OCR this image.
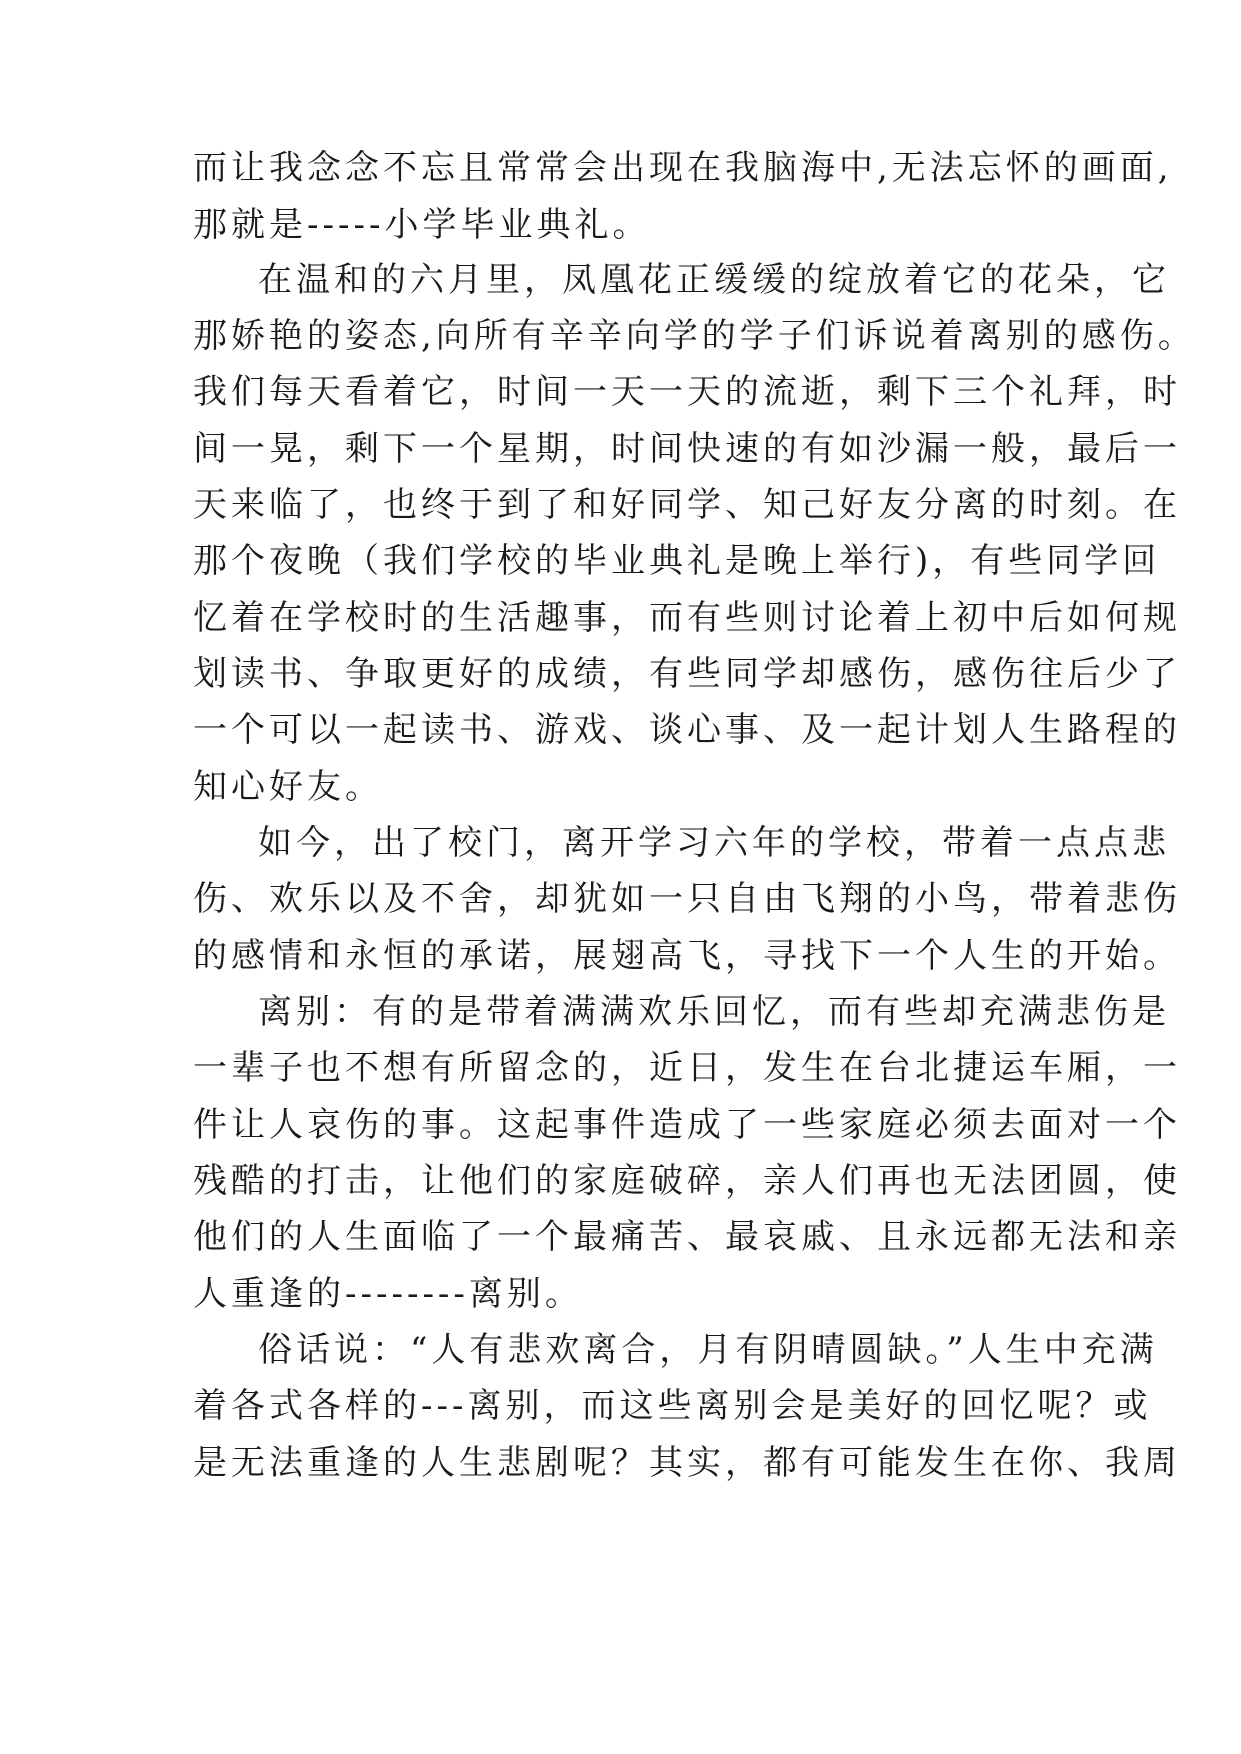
而让我念念不忘且常常会出现在我脑海中,无法忘怀的画面,
那就是-----小学毕业典礼。
在温和的六月里，凤凰花正缓缓的绽放着它的花朵，它
那娇艳的姿态,向所有辛辛向学的学子们诉说着离别的感伤。
我们每天看着它，时间一天一天的流逝，剩下三个礼拜，时
间一晃，剩下一个星期，时间快速的有如沙漏一般，最后一
天来临了，也终于到了和好同学、知己好友分离的时刻。在
那个夜晚（我们学校的毕业典礼是晚上举行)，有些同学回
忆着在学校时的生活趣事，而有些则讨论着上初中后如何规
划读书、争取更好的成绩，有些同学却感伤，感伤往后少了
一个可以一起读书、游戏、谈心事、及一起计划人生路程的
知心好友。
如今，出了校门，离开学习六年的学校，带着一点点悲
伤、欢乐以及不舍，却犹如一只自由飞翔的小鸟，带着悲伤
的感情和永恒的承诺，展翅高飞，寻找下一个人生的开始。
离别：有的是带着满满欢乐回忆，而有些却充满悲伤是
一辈子也不想有所留念的，近日，发生在台北捷运车厢，一
件让人哀伤的事。这起事件造成了一些家庭必须去面对一个
残酷的打击，让他们的家庭破碎，亲人们再也无法团圆，使
他们的人生面临了一个最痛苦、最哀戚、且永远都无法和亲
人重逢的--------离别。
俗话说：“人有悲欢离合，月有阴晴圆缺。”人生中充满
着各式各样的---离别，而这些离别会是美好的回忆呢？或
是无法重逢的人生悲剧呢？其实，都有可能发生在你、我周
